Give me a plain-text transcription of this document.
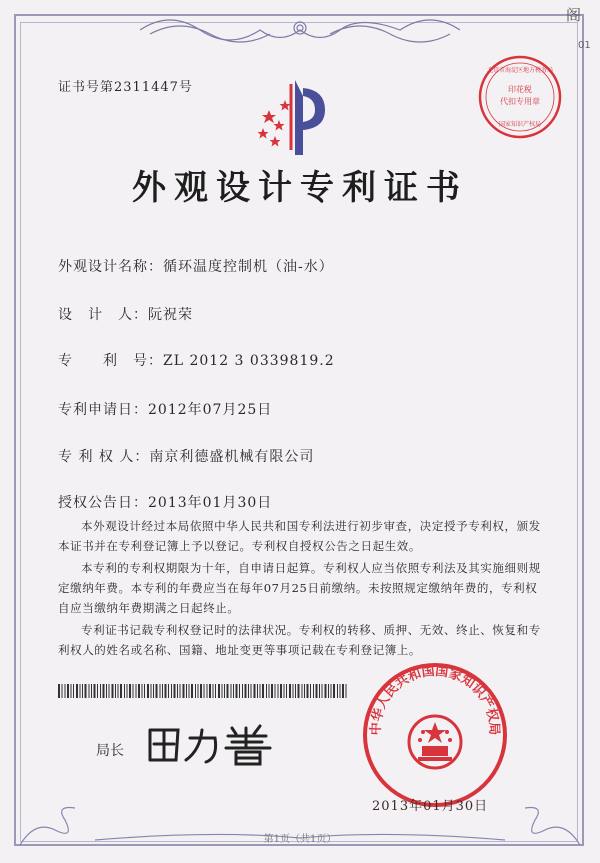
阁
01
证书号第2311447号	印花税
代扣专用章
北京市海淀区地方税务局
国家知识产权局
外观设计专利证书
外观设计名称：循环温度控制机（油-水）
设　计　人：阮祝荣
专　　利　号：ZL 2012 3 0339819.2
专利申请日：2012年07月25日
专 利 权 人：南京利德盛机械有限公司
授权公告日：2013年01月30日

本外观设计经过本局依照中华人民共和国专利法进行初步审查，决定授予专利权，颁发本证书并在专利登记簿上予以登记。专利权自授权公告之日起生效。

本专利的专利权期限为十年，自申请日起算。专利权人应当依照专利法及其实施细则规定缴纳年费。本专利的年费应当在每年07月25日前缴纳。未按照规定缴纳年费的，专利权自应当缴纳年费期满之日起终止。

专利证书记载专利权登记时的法律状况。专利权的转移、质押、无效、终止、恢复和专利权人的姓名或名称、国籍、地址变更等事项记载在专利登记簿上。

局长
中华人民共和国国家知识产权局
2013年01月30日
第1页（共1页）
